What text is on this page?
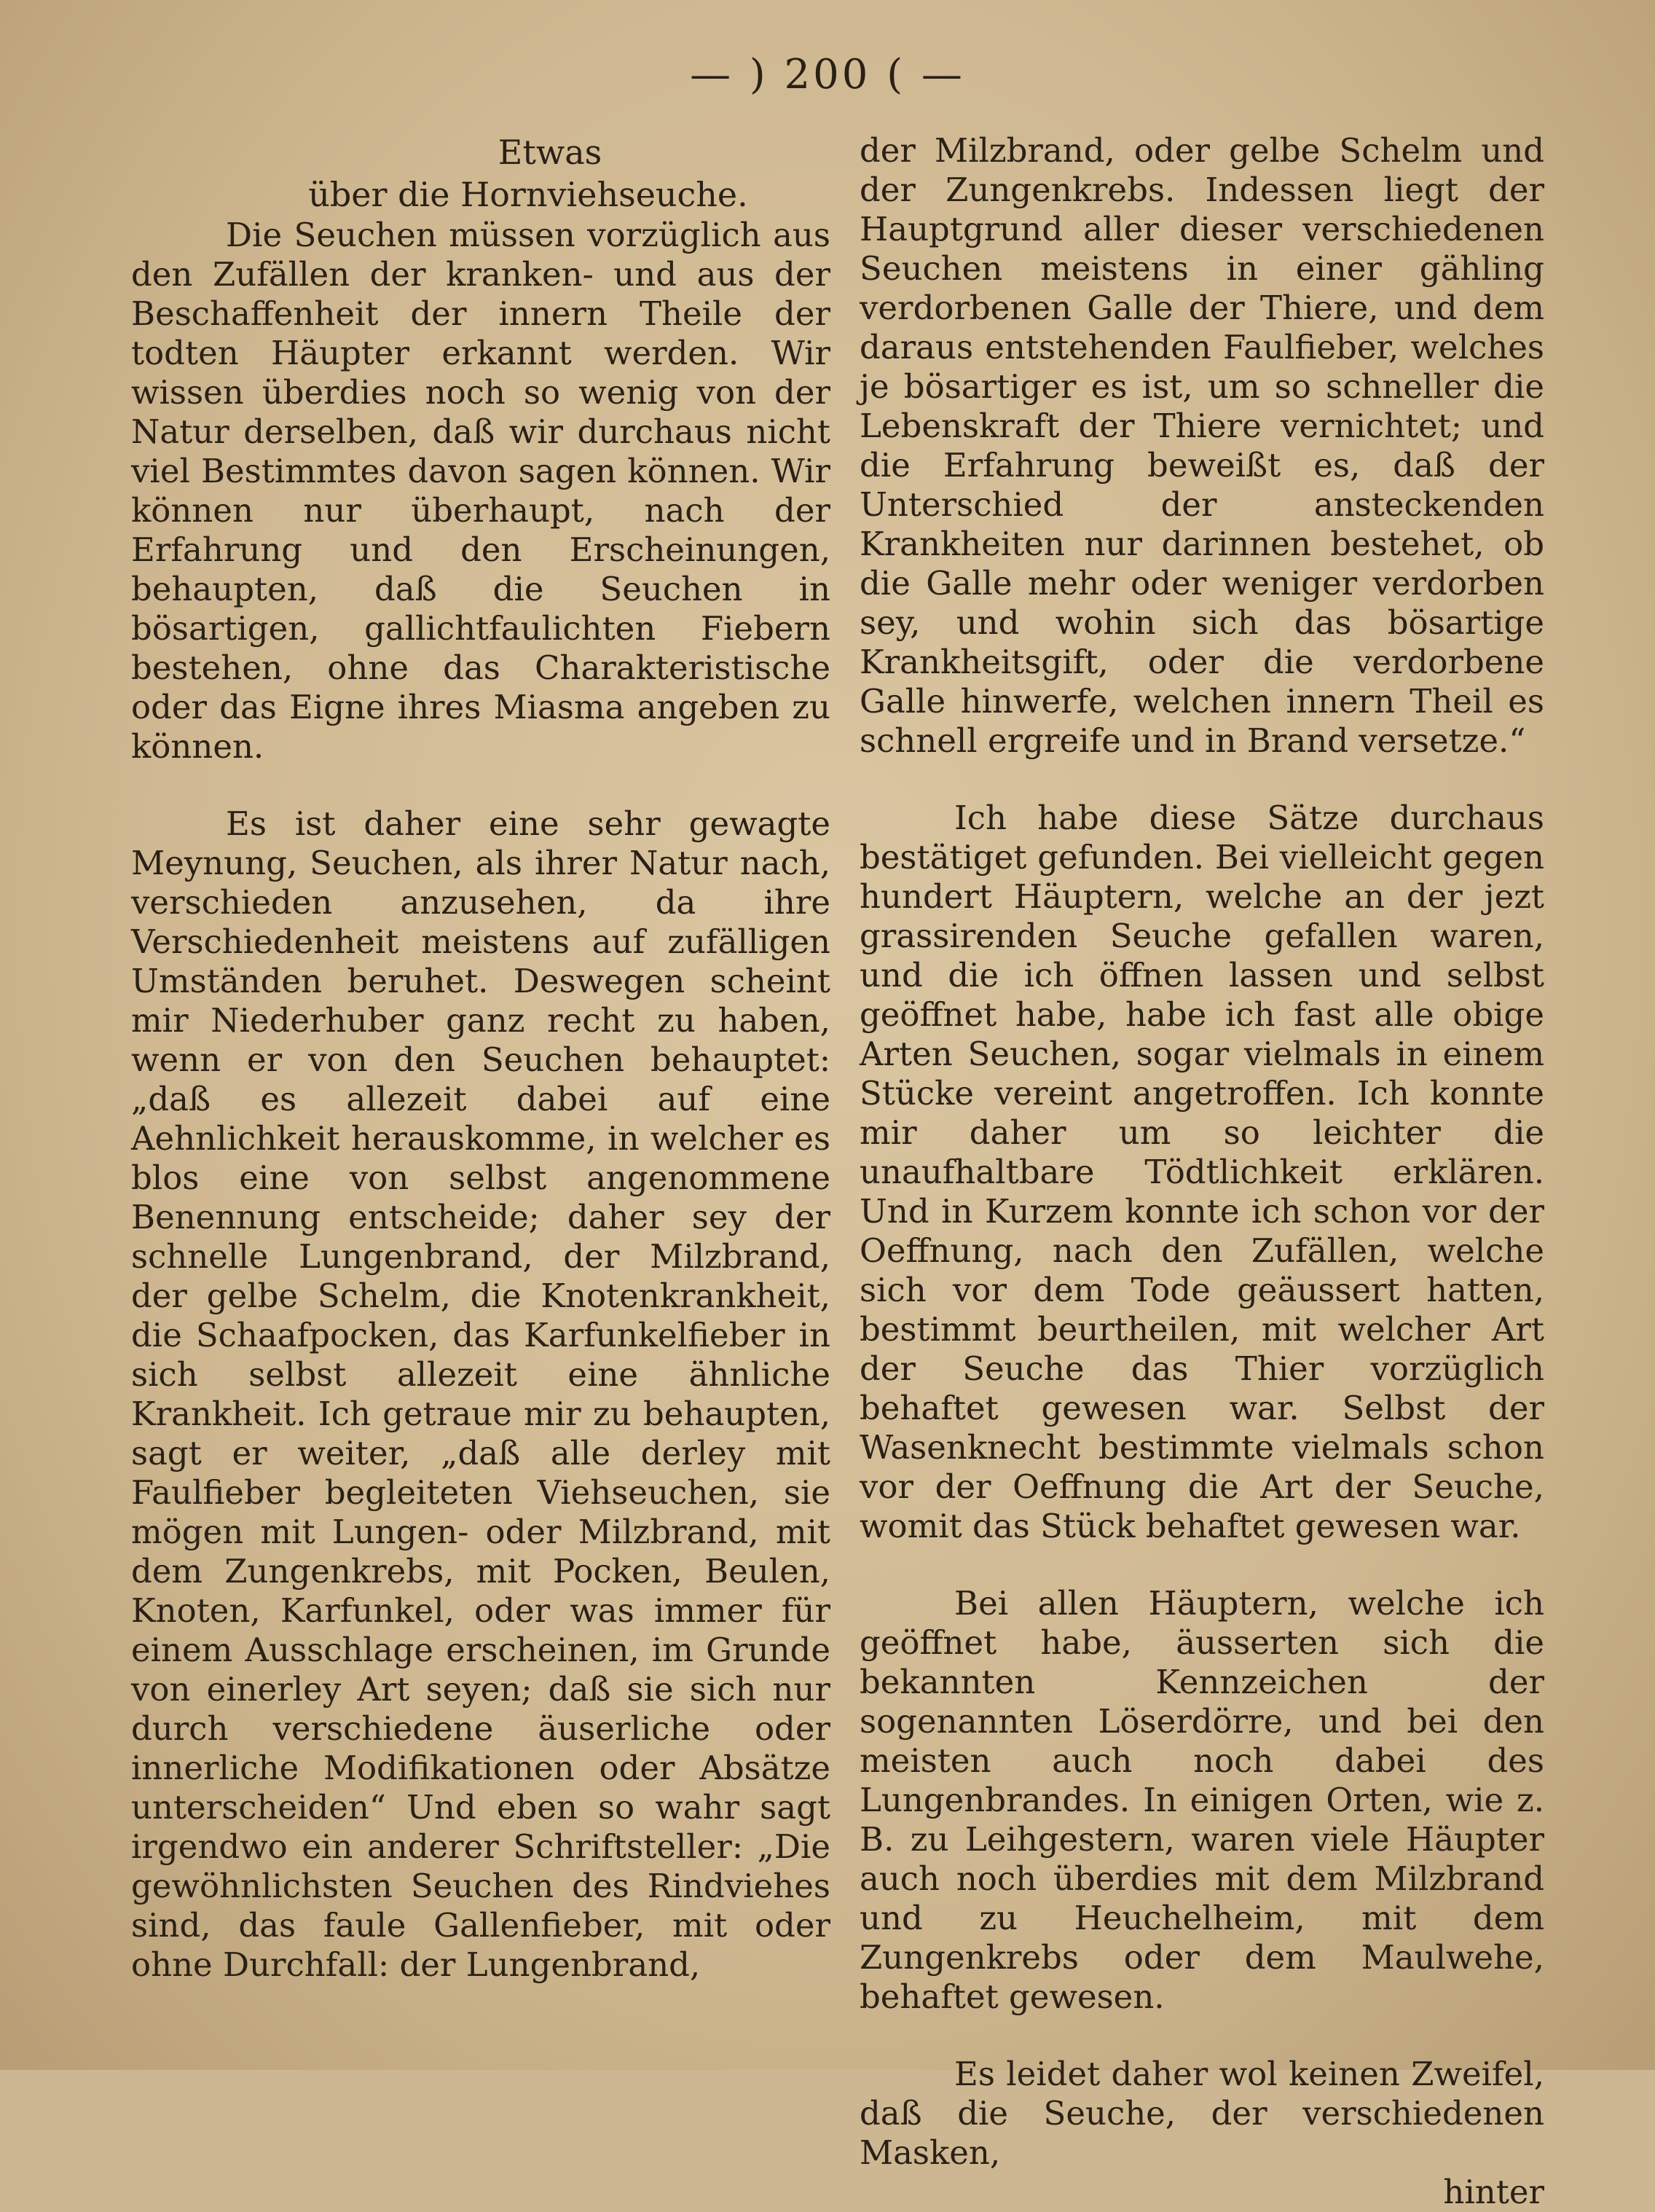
— ) 200 ( —

Etwas

über die Hornviehseuche.

Die Seuchen müssen vorzüglich aus den Zufällen der kranken- und aus der Beschaffenheit der innern Theile der todten Häupter erkannt werden. Wir wissen überdies noch so wenig von der Natur derselben, daß wir durchaus nicht viel Bestimmtes davon sagen können. Wir können nur überhaupt, nach der Erfahrung und den Erscheinungen, behaupten, daß die Seuchen in bösartigen, gallichtfaulichten Fiebern bestehen, ohne das Charakteristische oder das Eigne ihres Miasma angeben zu können.

Es ist daher eine sehr gewagte Meynung, Seuchen, als ihrer Natur nach, verschieden anzusehen, da ihre Verschiedenheit meistens auf zufälligen Umständen beruhet. Deswegen scheint mir Niederhuber ganz recht zu haben, wenn er von den Seuchen behauptet: „daß es allezeit dabei auf eine Aehnlichkeit herauskomme, in welcher es blos eine von selbst angenommene Benennung entscheide; daher sey der schnelle Lungenbrand, der Milzbrand, der gelbe Schelm, die Knotenkrankheit, die Schaafpocken, das Karfunkelfieber in sich selbst allezeit eine ähnliche Krankheit. Ich getraue mir zu behaupten, sagt er weiter, „daß alle derley mit Faulfieber begleiteten Viehseuchen, sie mögen mit Lungen- oder Milzbrand, mit dem Zungenkrebs, mit Pocken, Beulen, Knoten, Karfunkel, oder was immer für einem Ausschlage erscheinen, im Grunde von einerley Art seyen; daß sie sich nur durch verschiedene äuserliche oder innerliche Modifikationen oder Absätze unterscheiden“ Und eben so wahr sagt irgendwo ein anderer Schriftsteller: „Die gewöhnlichsten Seuchen des Rindviehes sind, das faule Gallenfieber, mit oder ohne Durchfall: der Lungenbrand,

der Milzbrand, oder gelbe Schelm und der Zungenkrebs. Indessen liegt der Hauptgrund aller dieser verschiedenen Seuchen meistens in einer gähling verdorbenen Galle der Thiere, und dem daraus entstehenden Faulfieber, welches je bösartiger es ist, um so schneller die Lebenskraft der Thiere vernichtet; und die Erfahrung beweißt es, daß der Unterschied der ansteckenden Krankheiten nur darinnen bestehet, ob die Galle mehr oder weniger verdorben sey, und wohin sich das bösartige Krankheitsgift, oder die verdorbene Galle hinwerfe, welchen innern Theil es schnell ergreife und in Brand versetze.“

Ich habe diese Sätze durchaus bestätiget gefunden. Bei vielleicht gegen hundert Häuptern, welche an der jezt grassirenden Seuche gefallen waren, und die ich öffnen lassen und selbst geöffnet habe, habe ich fast alle obige Arten Seuchen, sogar vielmals in einem Stücke vereint angetroffen. Ich konnte mir daher um so leichter die unaufhaltbare Tödtlichkeit erklären. Und in Kurzem konnte ich schon vor der Oeffnung, nach den Zufällen, welche sich vor dem Tode geäussert hatten, bestimmt beurtheilen, mit welcher Art der Seuche das Thier vorzüglich behaftet gewesen war. Selbst der Wasenknecht bestimmte vielmals schon vor der Oeffnung die Art der Seuche, womit das Stück behaftet gewesen war.

Bei allen Häuptern, welche ich geöffnet habe, äusserten sich die bekannten Kennzeichen der sogenannten Löserdörre, und bei den meisten auch noch dabei des Lungenbrandes. In einigen Orten, wie z. B. zu Leihgestern, waren viele Häupter auch noch überdies mit dem Milzbrand und zu Heuchelheim, mit dem Zungenkrebs oder dem Maulwehe, behaftet gewesen.

Es leidet daher wol keinen Zweifel, daß die Seuche, der verschiedenen Masken,

hinter
